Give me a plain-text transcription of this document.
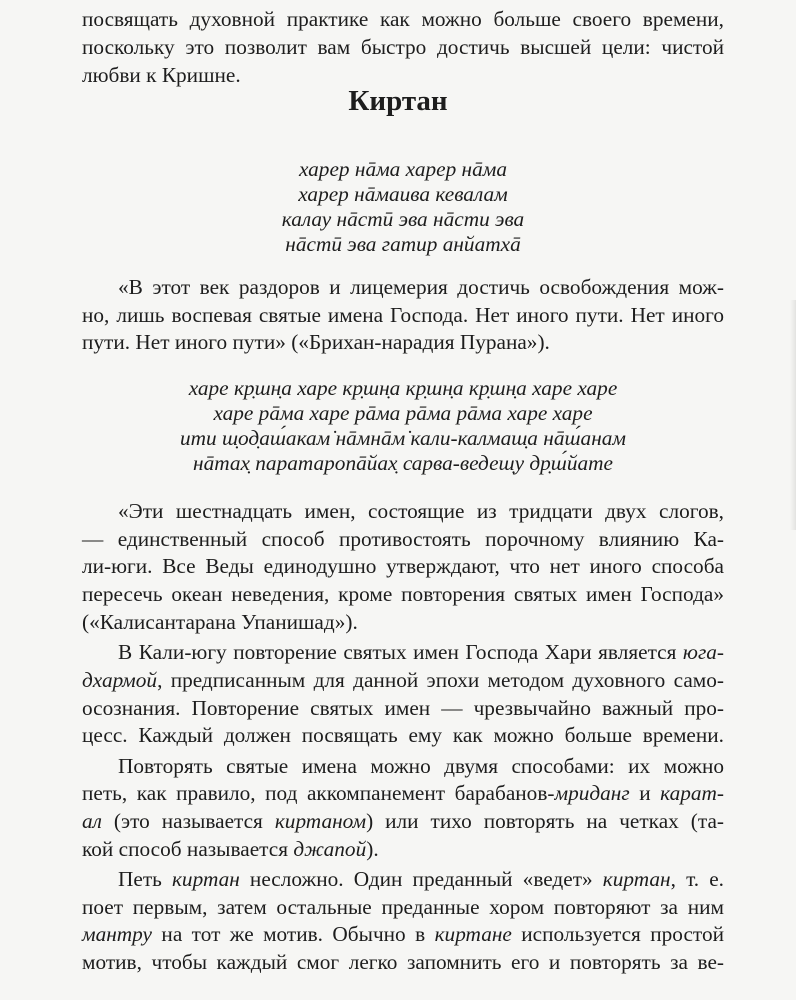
посвящать духовной практике как можно больше своего времени,
поскольку это позволит вам быстро достичь высшей цели: чистой
любви к Кришне.
Киртан
харер нāма харер нāма
харер нāмаива кевалам
калау нāстӣ эва нāсти эва
нāстӣ эва гатир анйатхā
«В этот век раздоров и лицемерия достичь освобождения мож-
но, лишь воспевая святые имена Господа. Нет иного пути. Нет иного
пути. Нет иного пути» («Брихан-нарадия Пурана»).
харе кр̣шн̣а харе кр̣шн̣а кр̣шн̣а кр̣шн̣а харе харе
харе рāма харе рāма рāма рāма харе харе
ити ш̣од̣аш́акам̇ нāмнāм̇ кали-калмаш̣а нāш́анам
нāтах̣ паратаропāйах̣ сарва-ведеш̣у др̣ш́йате
«Эти шестнадцать имен, состоящие из тридцати двух слогов,
— единственный способ противостоять порочному влиянию Ка-
ли-юги. Все Веды единодушно утверждают, что нет иного способа
пересечь океан неведения, кроме повторения святых имен Господа»
(«Калисантарана Упанишад»).
В Кали-югу повторение святых имен Господа Хари является юга-
дхармой, предписанным для данной эпохи методом духовного само-
осознания. Повторение святых имен — чрезвычайно важный про-
цесс. Каждый должен посвящать ему как можно больше времени.
Повторять святые имена можно двумя способами: их можно
петь, как правило, под аккомпанемент барабанов-мриданг и карат-
ал (это называется киртаном) или тихо повторять на четках (та-
кой способ называется джапой).
Петь киртан несложно. Один преданный «ведет» киртан, т. е.
поет первым, затем остальные преданные хором повторяют за ним
мантру на тот же мотив. Обычно в киртане используется простой
мотив, чтобы каждый смог легко запомнить его и повторять за ве-
